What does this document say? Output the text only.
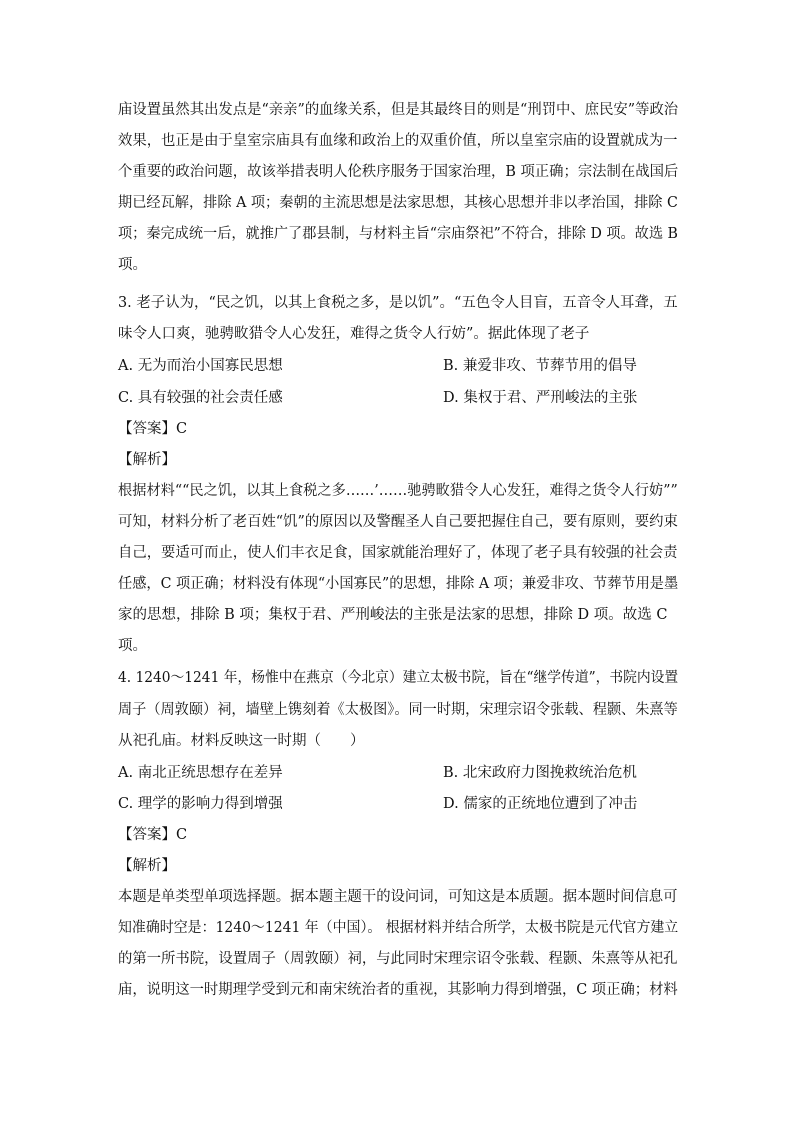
庙设置虽然其出发点是“亲亲”的血缘关系，但是其最终目的则是“刑罚中、庶民安”等政治
效果，也正是由于皇室宗庙具有血缘和政治上的双重价值，所以皇室宗庙的设置就成为一
个重要的政治问题，故该举措表明人伦秩序服务于国家治理，B 项正确；宗法制在战国后
期已经瓦解，排除 A 项；秦朝的主流思想是法家思想，其核心思想并非以孝治国，排除 C
项；秦完成统一后，就推广了郡县制，与材料主旨“宗庙祭祀”不符合，排除 D 项。故选 B
项。
3. 老子认为，“民之饥，以其上食税之多，是以饥”。“五色令人目盲，五音令人耳聋，五
味令人口爽，驰骋畋猎令人心发狂，难得之货令人行妨”。据此体现了老子
A. 无为而治小国寡民思想	B. 兼爱非攻、节葬节用的倡导
C. 具有较强的社会责任感	D. 集权于君、严刑峻法的主张
【答案】C
【解析】
根据材料““民之饥，以其上食税之多……’……驰骋畋猎令人心发狂，难得之货令人行妨””
可知，材料分析了老百姓“饥”的原因以及警醒圣人自己要把握住自己，要有原则，要约束
自己，要适可而止，使人们丰衣足食，国家就能治理好了，体现了老子具有较强的社会责
任感，C 项正确；材料没有体现“小国寡民”的思想，排除 A 项；兼爱非攻、节葬节用是墨
家的思想，排除 B 项；集权于君、严刑峻法的主张是法家的思想，排除 D 项。故选 C
项。
4. 1240～1241 年，杨惟中在燕京（今北京）建立太极书院，旨在“继学传道”，书院内设置
周子（周敦颐）祠，墙壁上镌刻着《太极图》。同一时期，宋理宗诏令张载、程颢、朱熹等
从祀孔庙。材料反映这一时期（　　）
A. 南北正统思想存在差异	B. 北宋政府力图挽救统治危机
C. 理学的影响力得到增强	D. 儒家的正统地位遭到了冲击
【答案】C
【解析】
本题是单类型单项选择题。据本题主题干的设问词，可知这是本质题。据本题时间信息可
知准确时空是：1240～1241 年（中国）。 根据材料并结合所学，太极书院是元代官方建立
的第一所书院，设置周子（周敦颐）祠，与此同时宋理宗诏令张载、程颢、朱熹等从祀孔
庙，说明这一时期理学受到元和南宋统治者的重视，其影响力得到增强，C 项正确；材料
